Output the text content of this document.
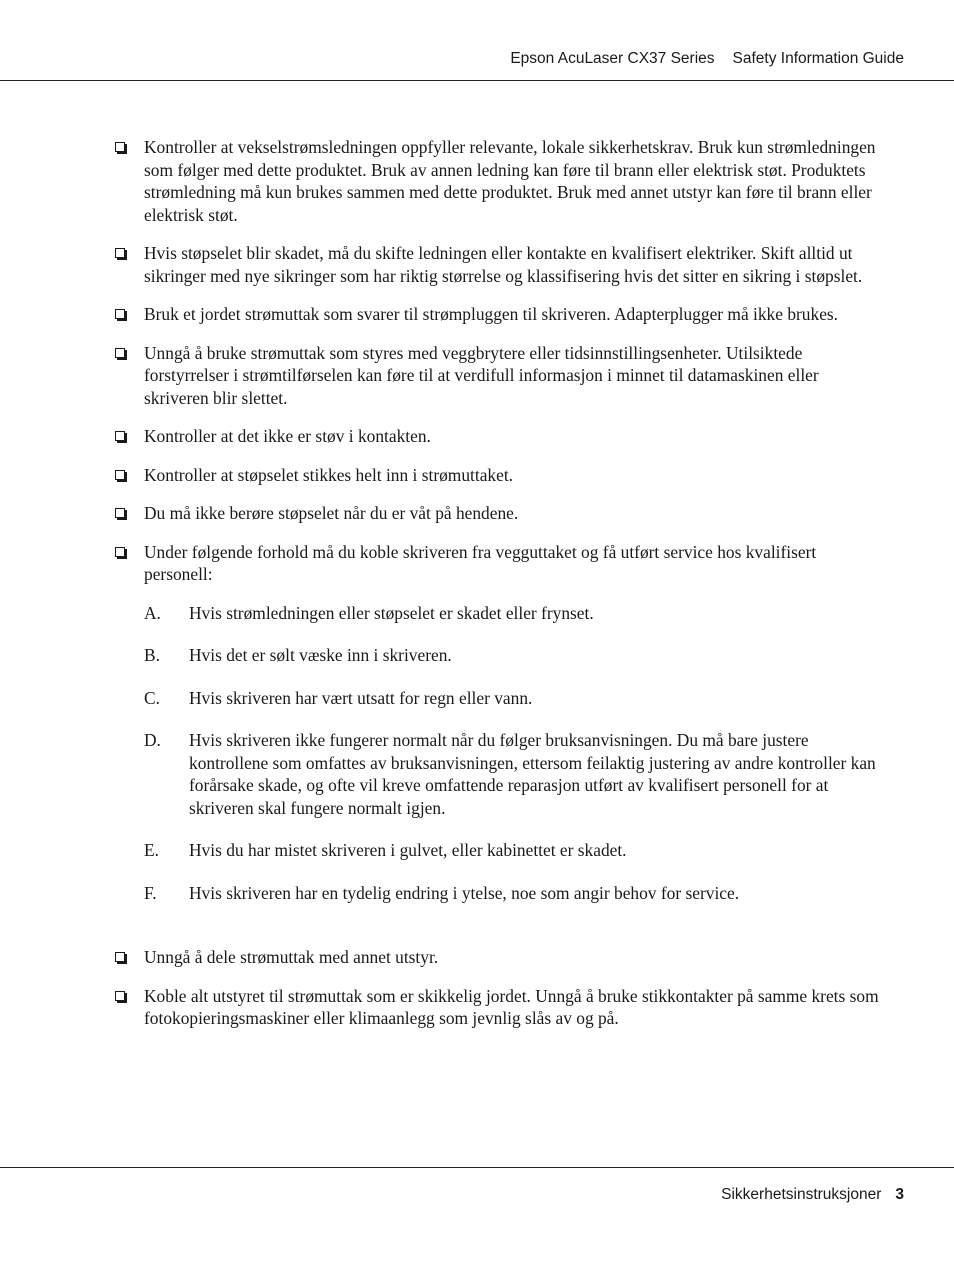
Epson AcuLaser CX37 Series Safety Information Guide
Kontroller at vekselstrømsledningen oppfyller relevante, lokale sikkerhetskrav. Bruk kun strømledningen som følger med dette produktet. Bruk av annen ledning kan føre til brann eller elektrisk støt. Produktets strømledning må kun brukes sammen med dette produktet. Bruk med annet utstyr kan føre til brann eller elektrisk støt.
Hvis støpselet blir skadet, må du skifte ledningen eller kontakte en kvalifisert elektriker. Skift alltid ut sikringer med nye sikringer som har riktig størrelse og klassifisering hvis det sitter en sikring i støpslet.
Bruk et jordet strømuttak som svarer til strømpluggen til skriveren. Adapterplugger må ikke brukes.
Unngå å bruke strømuttak som styres med veggbrytere eller tidsinnstillingsenheter. Utilsiktede forstyrrelser i strømtilførselen kan føre til at verdifull informasjon i minnet til datamaskinen eller skriveren blir slettet.
Kontroller at det ikke er støv i kontakten.
Kontroller at støpselet stikkes helt inn i strømuttaket.
Du må ikke berøre støpselet når du er våt på hendene.
Under følgende forhold må du koble skriveren fra vegguttaket og få utført service hos kvalifisert personell:
A. Hvis strømledningen eller støpselet er skadet eller frynset.
B. Hvis det er sølt væske inn i skriveren.
C. Hvis skriveren har vært utsatt for regn eller vann.
D. Hvis skriveren ikke fungerer normalt når du følger bruksanvisningen. Du må bare justere kontrollene som omfattes av bruksanvisningen, ettersom feilaktig justering av andre kontroller kan forårsake skade, og ofte vil kreve omfattende reparasjon utført av kvalifisert personell for at skriveren skal fungere normalt igjen.
E. Hvis du har mistet skriveren i gulvet, eller kabinettet er skadet.
F. Hvis skriveren har en tydelig endring i ytelse, noe som angir behov for service.
Unngå å dele strømuttak med annet utstyr.
Koble alt utstyret til strømuttak som er skikkelig jordet. Unngå å bruke stikkontakter på samme krets som fotokopieringsmaskiner eller klimaanlegg som jevnlig slås av og på.
Sikkerhetsinstruksjoner 3
